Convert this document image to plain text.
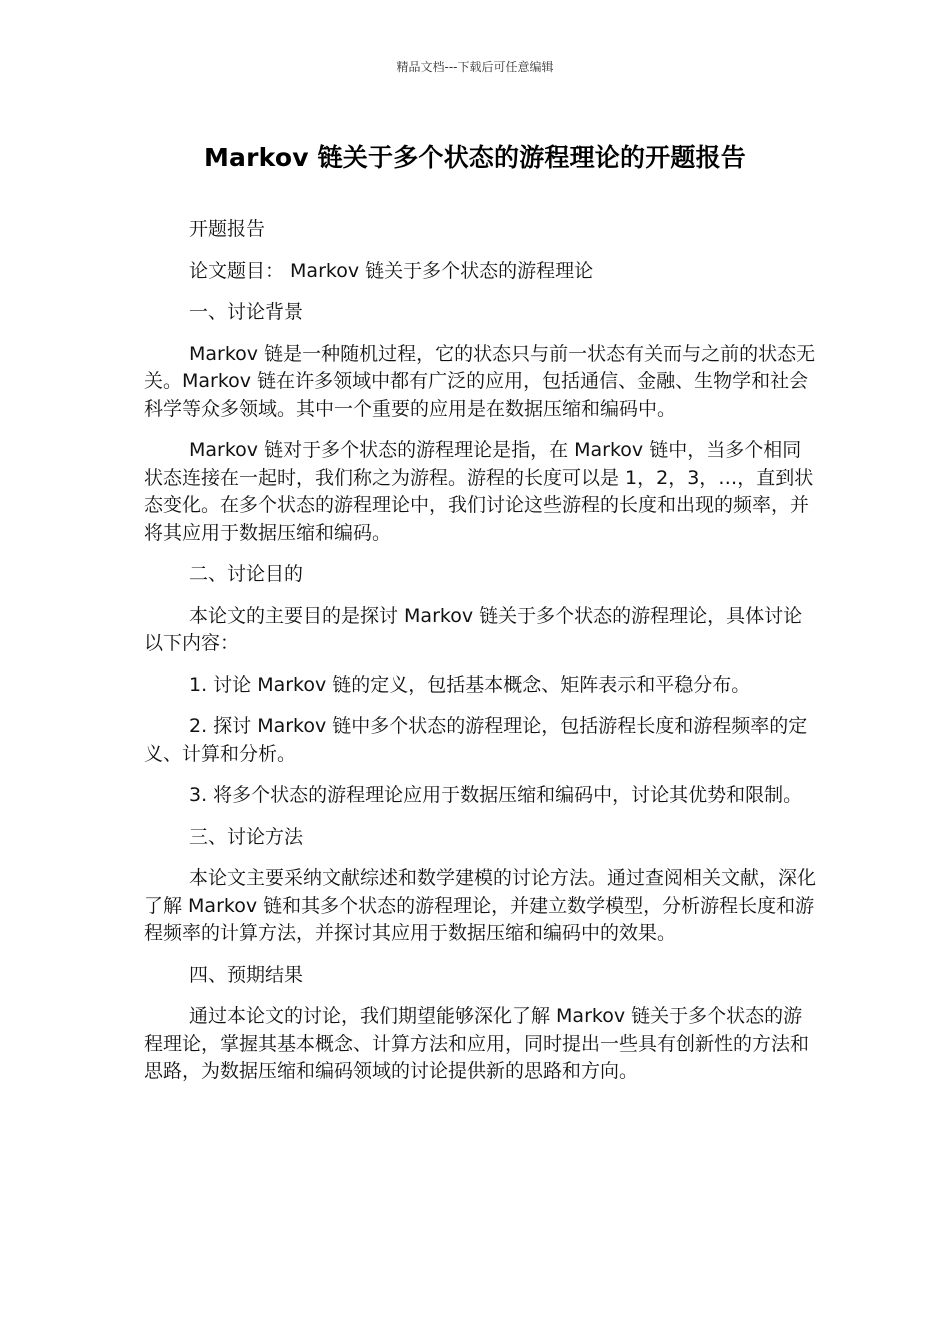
精品文档---下载后可任意编辑
Markov 链关于多个状态的游程理论的开题报告

开题报告

论文题目： Markov 链关于多个状态的游程理论

一、讨论背景

Markov 链是一种随机过程，它的状态只与前一状态有关而与之前的状态无关。Markov 链在许多领域中都有广泛的应用，包括通信、金融、生物学和社会科学等众多领域。其中一个重要的应用是在数据压缩和编码中。

Markov 链对于多个状态的游程理论是指，在 Markov 链中，当多个相同状态连接在一起时，我们称之为游程。游程的长度可以是 1，2，3，…，直到状态变化。在多个状态的游程理论中，我们讨论这些游程的长度和出现的频率，并将其应用于数据压缩和编码。

二、讨论目的

本论文的主要目的是探讨 Markov 链关于多个状态的游程理论，具体讨论以下内容：

1. 讨论 Markov 链的定义，包括基本概念、矩阵表示和平稳分布。

2. 探讨 Markov 链中多个状态的游程理论，包括游程长度和游程频率的定义、计算和分析。

3. 将多个状态的游程理论应用于数据压缩和编码中，讨论其优势和限制。

三、讨论方法

本论文主要采纳文献综述和数学建模的讨论方法。通过查阅相关文献，深化了解 Markov 链和其多个状态的游程理论，并建立数学模型，分析游程长度和游程频率的计算方法，并探讨其应用于数据压缩和编码中的效果。

四、预期结果

通过本论文的讨论，我们期望能够深化了解 Markov 链关于多个状态的游程理论，掌握其基本概念、计算方法和应用，同时提出一些具有创新性的方法和思路，为数据压缩和编码领域的讨论提供新的思路和方向。
